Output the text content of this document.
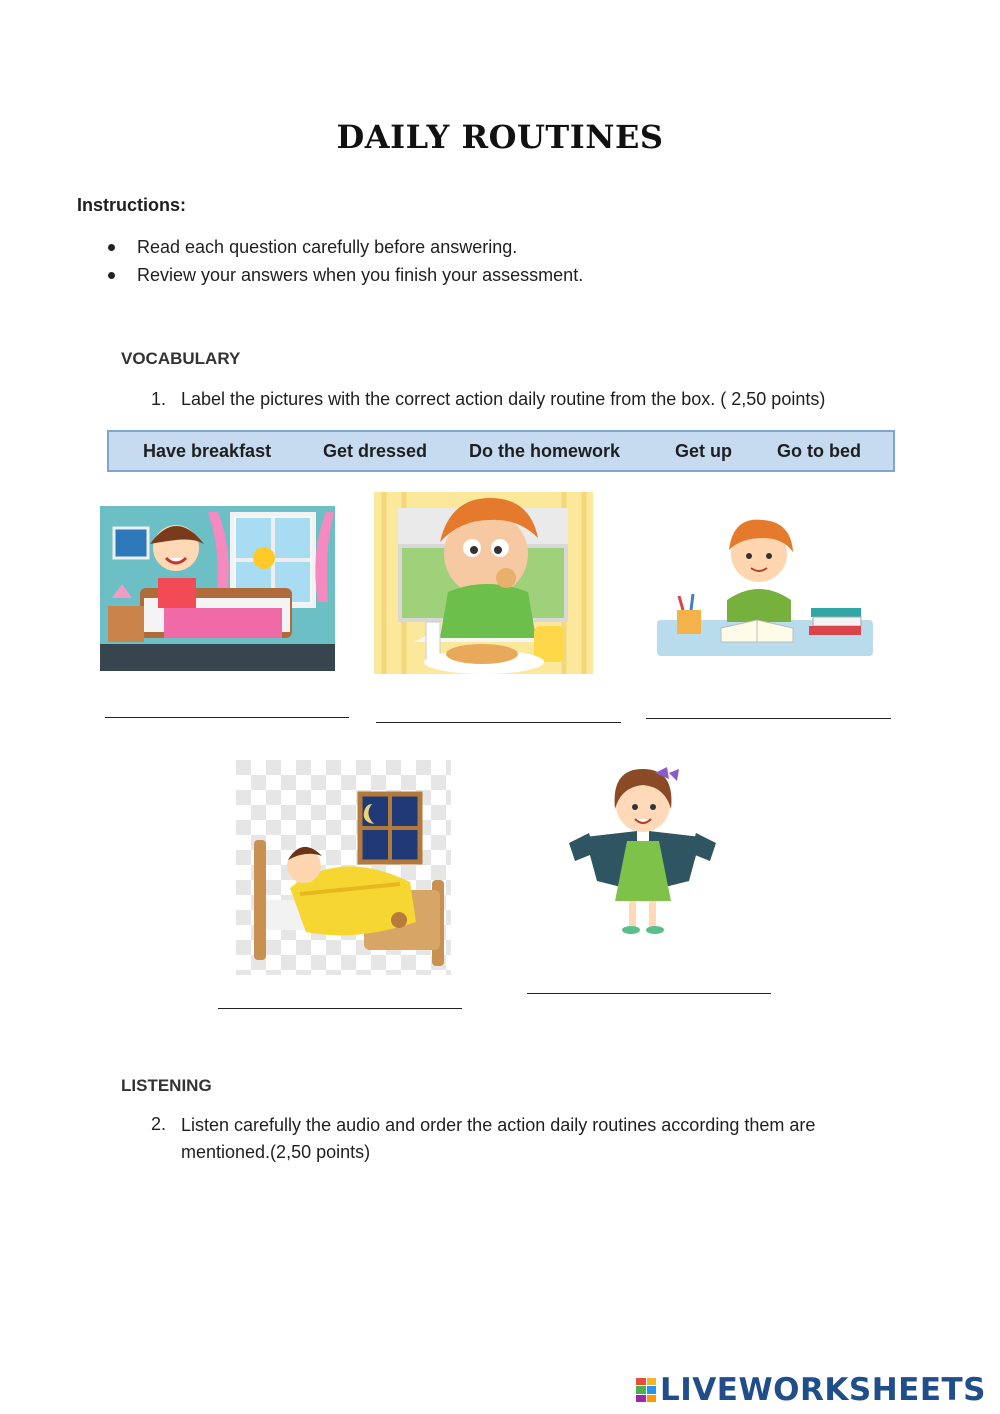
DAILY ROUTINES
Instructions:
Read each question carefully before answering.
Review your answers when you finish your assessment.
VOCABULARY
1. Label the pictures with the correct action daily routine from the box. ( 2,50 points)
Have breakfast	Get dressed Do the homework	Get up	Go to bed
LISTENING
2. Listen carefully the audio and order the action daily routines according them are
mentioned.(2,50 points)
LIVEWORKSHEETS
